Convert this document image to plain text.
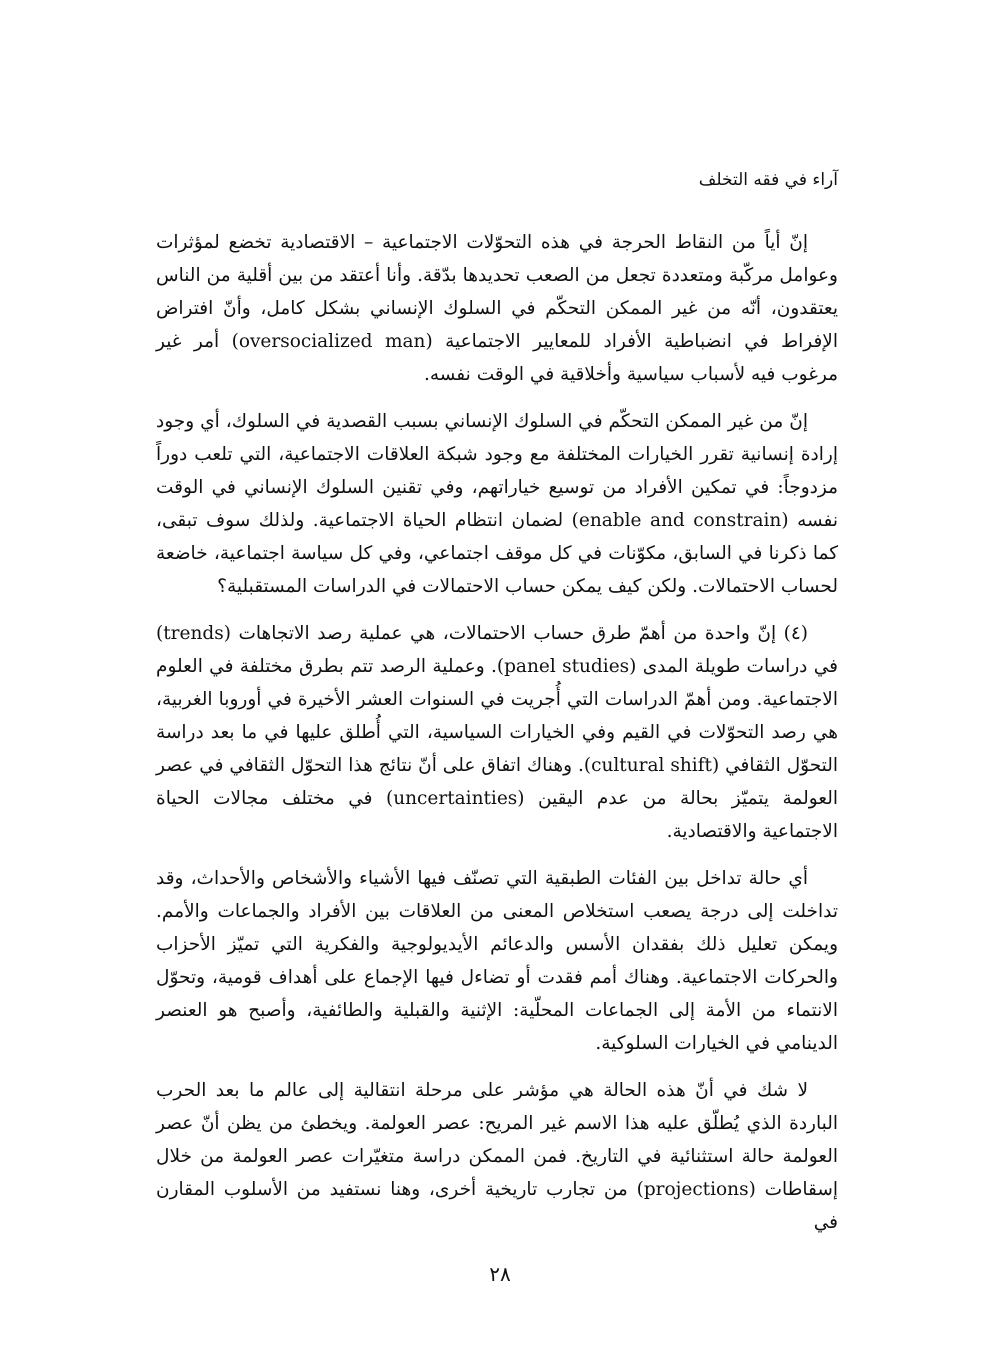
آراء في فقه التخلف

إنّ أياً من النقاط الحرجة في هذه التحوّلات الاجتماعية – الاقتصادية تخضع لمؤثرات وعوامل مركّبة ومتعددة تجعل من الصعب تحديدها بدّقة. وأنا أعتقد من بين أقلية من الناس يعتقدون، أنّه من غير الممكن التحكّم في السلوك الإنساني بشكل كامل، وأنّ افتراض الإفراط في انضباطية الأفراد للمعايير الاجتماعية (oversocialized man) أمر غير مرغوب فيه لأسباب سياسية وأخلاقية في الوقت نفسه.

إنّ من غير الممكن التحكّم في السلوك الإنساني بسبب القصدية في السلوك، أي وجود إرادة إنسانية تقرر الخيارات المختلفة مع وجود شبكة العلاقات الاجتماعية، التي تلعب دوراً مزدوجاً: في تمكين الأفراد من توسيع خياراتهم، وفي تقنين السلوك الإنساني في الوقت نفسه (enable and constrain) لضمان انتظام الحياة الاجتماعية. ولذلك سوف تبقى، كما ذكرنا في السابق، مكوّنات في كل موقف اجتماعي، وفي كل سياسة اجتماعية، خاضعة لحساب الاحتمالات. ولكن كيف يمكن حساب الاحتمالات في الدراسات المستقبلية؟

(٤) إنّ واحدة من أهمّ طرق حساب الاحتمالات، هي عملية رصد الاتجاهات (trends) في دراسات طويلة المدى (panel studies). وعملية الرصد تتم بطرق مختلفة في العلوم الاجتماعية. ومن أهمّ الدراسات التي أُجريت في السنوات العشر الأخيرة في أوروبا الغربية، هي رصد التحوّلات في القيم وفي الخيارات السياسية، التي أُطلق عليها في ما بعد دراسة التحوّل الثقافي (cultural shift). وهناك اتفاق على أنّ نتائج هذا التحوّل الثقافي في عصر العولمة يتميّز بحالة من عدم اليقين (uncertainties) في مختلف مجالات الحياة الاجتماعية والاقتصادية.

أي حالة تداخل بين الفئات الطبقية التي تصنّف فيها الأشياء والأشخاص والأحداث، وقد تداخلت إلى درجة يصعب استخلاص المعنى من العلاقات بين الأفراد والجماعات والأمم. ويمكن تعليل ذلك بفقدان الأسس والدعائم الأيديولوجية والفكرية التي تميّز الأحزاب والحركات الاجتماعية. وهناك أمم فقدت أو تضاءل فيها الإجماع على أهداف قومية، وتحوّل الانتماء من الأمة إلى الجماعات المحلّية: الإثنية والقبلية والطائفية، وأصبح هو العنصر الدينامي في الخيارات السلوكية.

لا شك في أنّ هذه الحالة هي مؤشر على مرحلة انتقالية إلى عالم ما بعد الحرب الباردة الذي يُطلّق عليه هذا الاسم غير المريح: عصر العولمة. ويخطئ من يظن أنّ عصر العولمة حالة استثنائية في التاريخ. فمن الممكن دراسة متغيّرات عصر العولمة من خلال إسقاطات (projections) من تجارب تاريخية أخرى، وهنا نستفيد من الأسلوب المقارن في

٢٨
